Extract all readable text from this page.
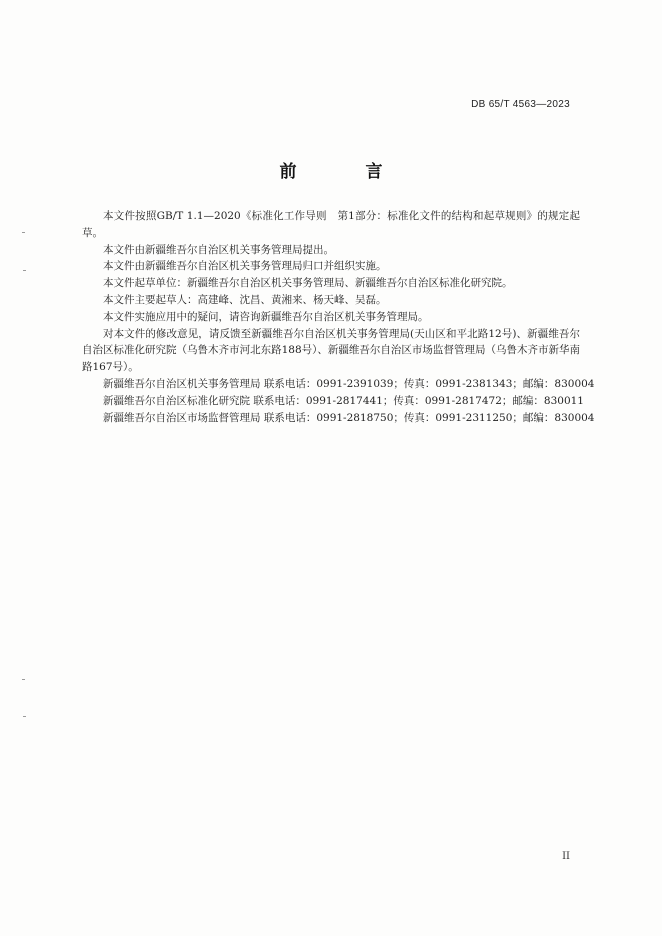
DB 65/T 4563—2023
前　言

本文件按照GB/T 1.1—2020《标准化工作导则　第1部分：标准化文件的结构和起草规则》的规定起草。

本文件由新疆维吾尔自治区机关事务管理局提出。

本文件由新疆维吾尔自治区机关事务管理局归口并组织实施。

本文件起草单位：新疆维吾尔自治区机关事务管理局、新疆维吾尔自治区标准化研究院。

本文件主要起草人：高建峰、沈昌、黄湘来、杨天峰、吴磊。

本文件实施应用中的疑问，请咨询新疆维吾尔自治区机关事务管理局。

对本文件的修改意见，请反馈至新疆维吾尔自治区机关事务管理局(天山区和平北路12号)、新疆维吾尔自治区标准化研究院（乌鲁木齐市河北东路188号）、新疆维吾尔自治区市场监督管理局（乌鲁木齐市新华南路167号）。

新疆维吾尔自治区机关事务管理局 联系电话：0991-2391039；传真：0991-2381343；邮编：830004

新疆维吾尔自治区标准化研究院 联系电话：0991-2817441；传真：0991-2817472；邮编：830011

新疆维吾尔自治区市场监督管理局 联系电话：0991-2818750；传真：0991-2311250；邮编：830004

II
